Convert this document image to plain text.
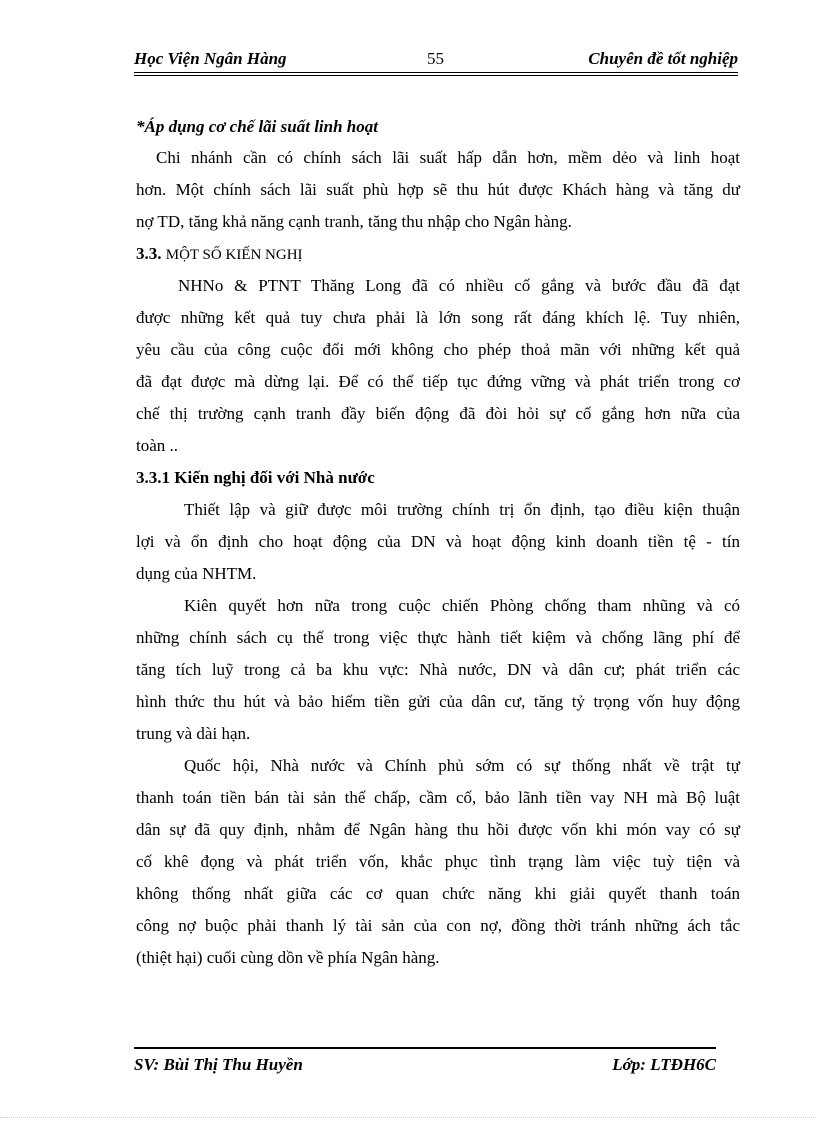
Học Viện Ngân Hàng	55	Chuyên đề tốt nghiệp
*Áp dụng cơ chế lãi suất linh hoạt
Chi nhánh cần có chính sách lãi suất hấp dẫn hơn, mềm dẻo và linh hoạt
hơn. Một chính sách lãi suất phù hợp sẽ thu hút được Khách hàng và tăng dư
nợ TD, tăng khả năng cạnh tranh, tăng thu nhập cho Ngân hàng.
3.3. MỘT SỐ KIẾN NGHỊ
NHNo & PTNT Thăng Long đã có nhiều cố gắng và bước đầu đã đạt
được những kết quả tuy chưa phải là lớn song rất đáng khích lệ. Tuy nhiên,
yêu cầu của công cuộc đổi mới không cho phép thoả mãn với những kết quả
đã đạt được mà dừng lại. Để có thể tiếp tục đứng vững và phát triển trong cơ
chế thị trường cạnh tranh đầy biến động đã đòi hỏi sự cố gắng hơn nữa của
toàn ..
3.3.1 Kiến nghị đối với Nhà nước
Thiết lập và giữ được môi trường chính trị ổn định, tạo điều kiện thuận
lợi và ổn định cho hoạt động của DN và hoạt động kinh doanh tiền tệ - tín
dụng của NHTM.
Kiên quyết hơn nữa trong cuộc chiến Phòng chống tham nhũng và có
những chính sách cụ thể trong việc thực hành tiết kiệm và chống lãng phí để
tăng tích luỹ trong cả ba khu vực: Nhà nước, DN và dân cư; phát triển các
hình thức thu hút và bảo hiểm tiền gửi của dân cư, tăng tỷ trọng vốn huy động
trung và dài hạn.
Quốc hội, Nhà nước và Chính phủ sớm có sự thống nhất về trật tự
thanh toán tiền bán tài sản thế chấp, cầm cố, bảo lãnh tiền vay NH mà Bộ luật
dân sự đã quy định, nhằm để Ngân hàng thu hồi được vốn khi món vay có sự
cố khê đọng và phát triển vốn, khắc phục tình trạng làm việc tuỳ tiện và
không thống nhất giữa các cơ quan chức năng khi giải quyết thanh toán
công nợ buộc phải thanh lý tài sản của con nợ, đồng thời tránh những ách tắc
(thiệt hại) cuối cùng dồn về phía Ngân hàng.
SV: Bùi Thị Thu Huyền	Lớp: LTĐH6C
